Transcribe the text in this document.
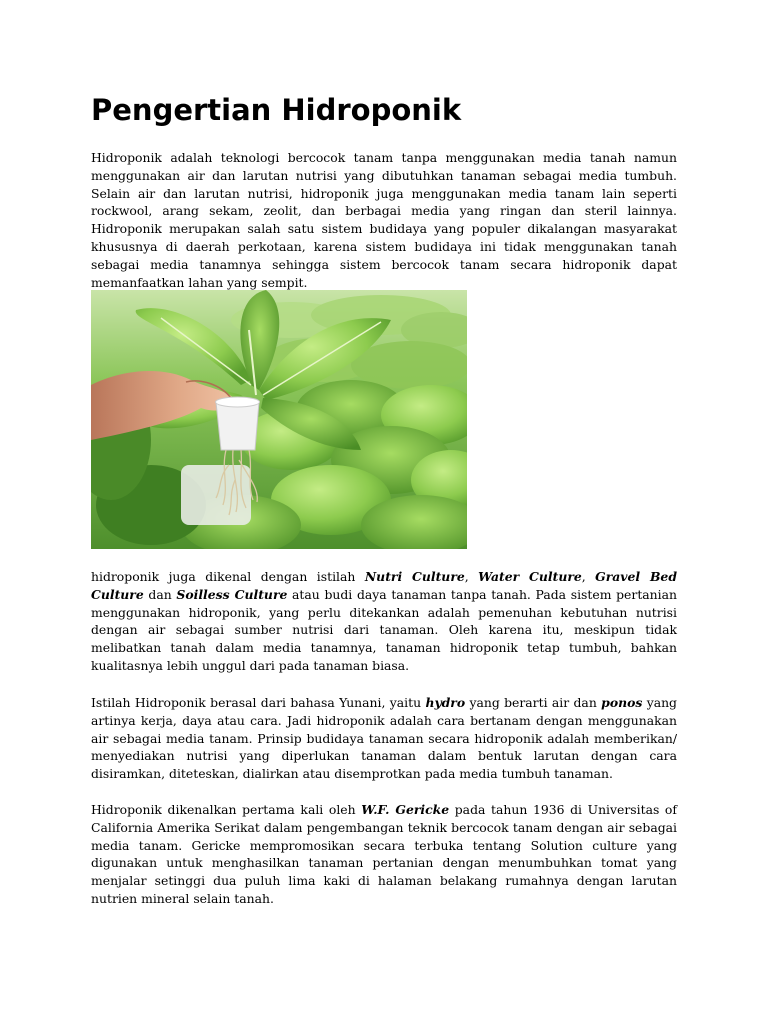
Pengertian Hidroponik

Hidroponik adalah teknologi bercocok tanam tanpa menggunakan media tanah namun menggunakan air dan larutan nutrisi yang dibutuhkan tanaman sebagai media tumbuh. Selain air dan larutan nutrisi, hidroponik juga menggunakan media tanam lain seperti rockwool, arang sekam, zeolit, dan berbagai media yang ringan dan steril lainnya. Hidroponik merupakan salah satu sistem budidaya yang populer dikalangan masyarakat khususnya di daerah perkotaan, karena sistem budidaya ini tidak menggunakan tanah sebagai media tanamnya sehingga sistem bercocok tanam secara hidroponik dapat memanfaatkan lahan yang sempit.

hidroponik juga dikenal dengan istilah Nutri Culture, Water Culture, Gravel Bed Culture dan Soilless Culture atau budi daya tanaman tanpa tanah. Pada sistem pertanian menggunakan hidroponik, yang perlu ditekankan adalah pemenuhan kebutuhan nutrisi dengan air sebagai sumber nutrisi dari tanaman. Oleh karena itu, meskipun tidak melibatkan tanah dalam media tanamnya, tanaman hidroponik tetap tumbuh, bahkan kualitasnya lebih unggul dari pada tanaman biasa.

Istilah Hidroponik berasal dari bahasa Yunani, yaitu hydro yang berarti air dan ponos yang artinya kerja, daya atau cara. Jadi hidroponik adalah cara bertanam dengan menggunakan air sebagai media tanam. Prinsip budidaya tanaman secara hidroponik adalah memberikan/ menyediakan nutrisi yang diperlukan tanaman dalam bentuk larutan dengan cara disiramkan, diteteskan, dialirkan atau disemprotkan pada media tumbuh tanaman.

Hidroponik dikenalkan pertama kali oleh W.F. Gericke pada tahun 1936 di Universitas of California Amerika Serikat dalam pengembangan teknik bercocok tanam dengan air sebagai media tanam. Gericke mempromosikan secara terbuka tentang Solution culture yang digunakan untuk menghasilkan tanaman pertanian dengan menumbuhkan tomat yang menjalar setinggi dua puluh lima kaki di halaman belakang rumahnya dengan larutan nutrien mineral selain tanah.
